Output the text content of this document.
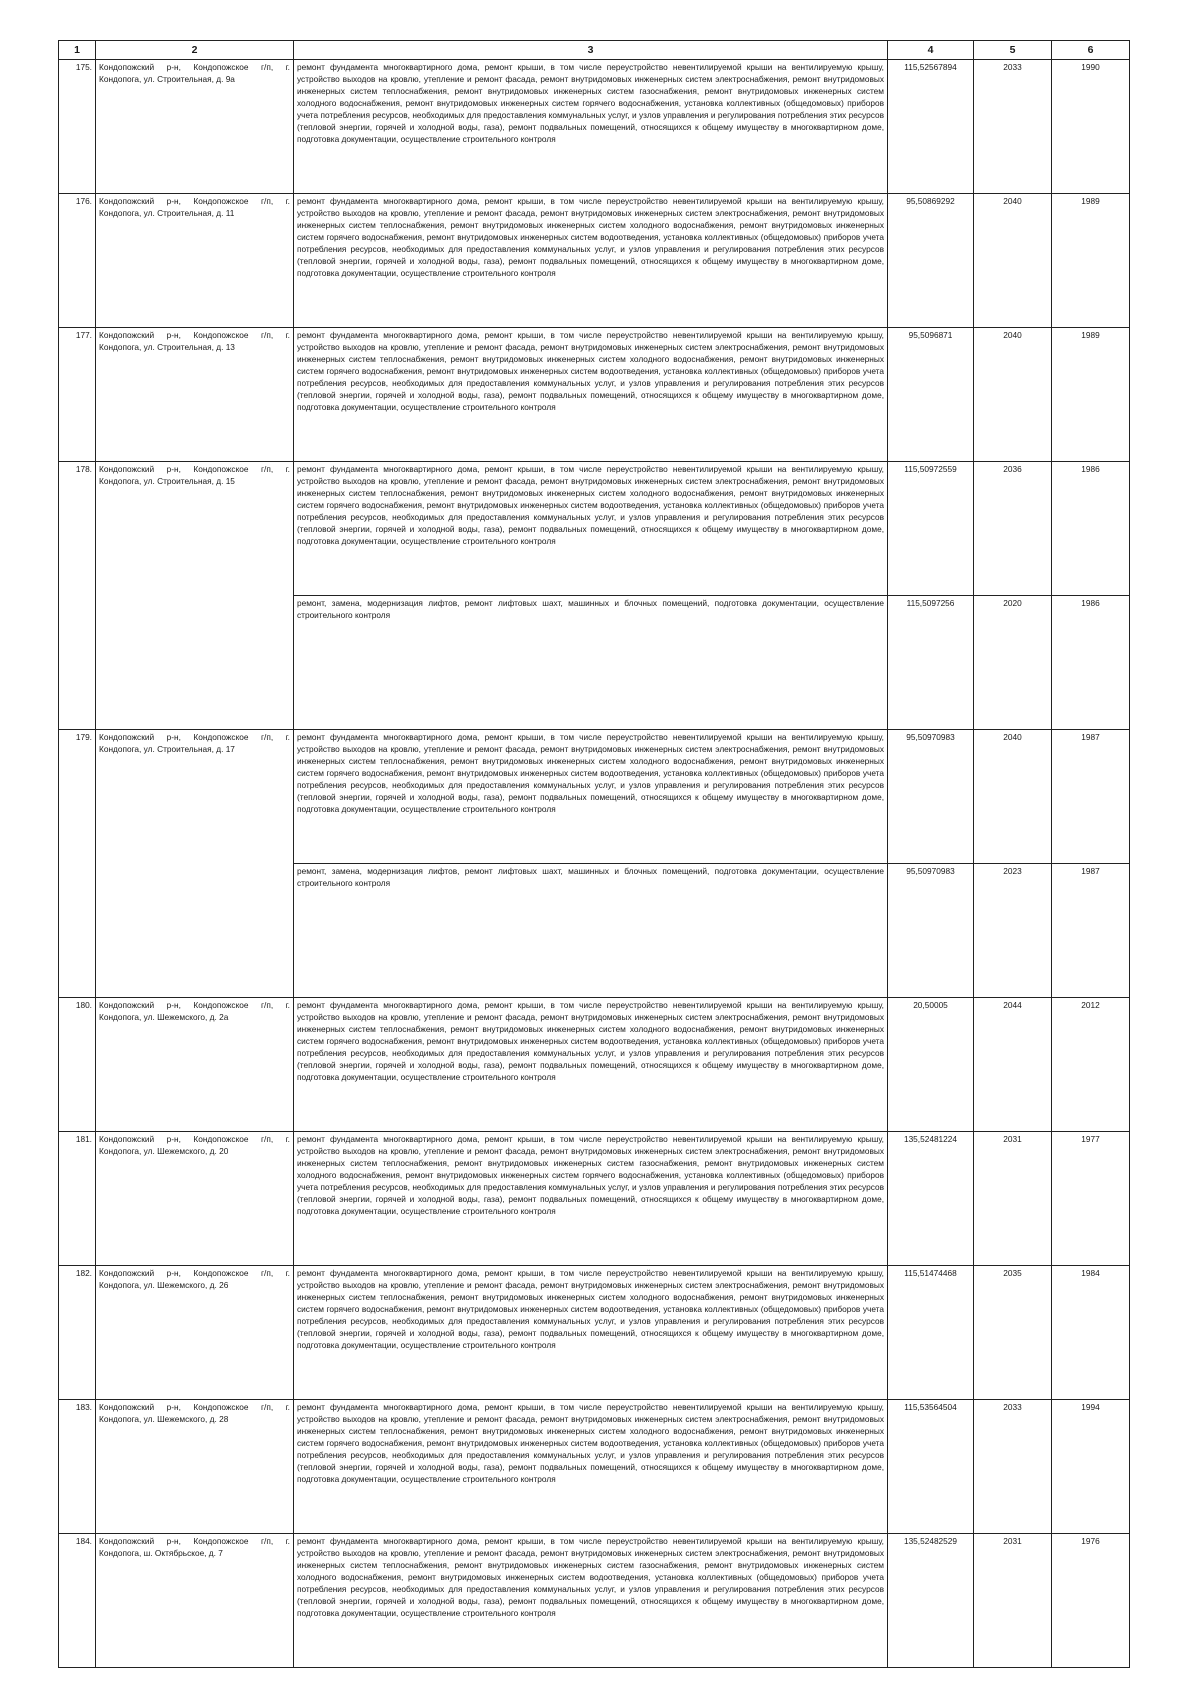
1	2	3	4	5	6
175.	Кондопожский р-н, Кондопожское г/п, г. Кондопога, ул. Строительная, д. 9а	ремонт фундамента многоквартирного дома, ремонт крыши, в том числе переустройство невентилируемой крыши на вентилируемую крышу, устройство выходов на кровлю, утепление и ремонт фасада, ремонт внутридомовых инженерных систем электроснабжения, ремонт внутридомовых инженерных систем теплоснабжения, ремонт внутридомовых инженерных систем газоснабжения, ремонт внутридомовых инженерных систем холодного водоснабжения, ремонт внутридомовых инженерных систем горячего водоснабжения, установка коллективных (общедомовых) приборов учета потребления ресурсов, необходимых для предоставления коммунальных услуг, и узлов управления и регулирования потребления этих ресурсов (тепловой энергии, горячей и холодной воды, газа), ремонт подвальных помещений, относящихся к общему имуществу в многоквартирном доме, подготовка документации, осуществление строительного контроля	115,52567894	2033	1990
176.	Кондопожский р-н, Кондопожское г/п, г. Кондопога, ул. Строительная, д. 11	ремонт фундамента многоквартирного дома, ремонт крыши, в том числе переустройство невентилируемой крыши на вентилируемую крышу, устройство выходов на кровлю, утепление и ремонт фасада, ремонт внутридомовых инженерных систем электроснабжения, ремонт внутридомовых инженерных систем теплоснабжения, ремонт внутридомовых инженерных систем холодного водоснабжения, ремонт внутридомовых инженерных систем горячего водоснабжения, ремонт внутридомовых инженерных систем водоотведения, установка коллективных (общедомовых) приборов учета потребления ресурсов, необходимых для предоставления коммунальных услуг, и узлов управления и регулирования потребления этих ресурсов (тепловой энергии, горячей и холодной воды, газа), ремонт подвальных помещений, относящихся к общему имуществу в многоквартирном доме, подготовка документации, осуществление строительного контроля	95,50869292	2040	1989
177.	Кондопожский р-н, Кондопожское г/п, г. Кондопога, ул. Строительная, д. 13	ремонт фундамента многоквартирного дома, ремонт крыши, в том числе переустройство невентилируемой крыши на вентилируемую крышу, устройство выходов на кровлю, утепление и ремонт фасада, ремонт внутридомовых инженерных систем электроснабжения, ремонт внутридомовых инженерных систем теплоснабжения, ремонт внутридомовых инженерных систем холодного водоснабжения, ремонт внутридомовых инженерных систем горячего водоснабжения, ремонт внутридомовых инженерных систем водоотведения, установка коллективных (общедомовых) приборов учета потребления ресурсов, необходимых для предоставления коммунальных услуг, и узлов управления и регулирования потребления этих ресурсов (тепловой энергии, горячей и холодной воды, газа), ремонт подвальных помещений, относящихся к общему имуществу в многоквартирном доме, подготовка документации, осуществление строительного контроля	95,5096871	2040	1989
178.	Кондопожский р-н, Кондопожское г/п, г. Кондопога, ул. Строительная, д. 15	ремонт фундамента многоквартирного дома, ремонт крыши, в том числе переустройство невентилируемой крыши на вентилируемую крышу, устройство выходов на кровлю, утепление и ремонт фасада, ремонт внутридомовых инженерных систем электроснабжения, ремонт внутридомовых инженерных систем теплоснабжения, ремонт внутридомовых инженерных систем холодного водоснабжения, ремонт внутридомовых инженерных систем горячего водоснабжения, ремонт внутридомовых инженерных систем водоотведения, установка коллективных (общедомовых) приборов учета потребления ресурсов, необходимых для предоставления коммунальных услуг, и узлов управления и регулирования потребления этих ресурсов (тепловой энергии, горячей и холодной воды, газа), ремонт подвальных помещений, относящихся к общему имуществу в многоквартирном доме, подготовка документации, осуществление строительного контроля	115,50972559	2036	1986
		ремонт, замена, модернизация лифтов, ремонт лифтовых шахт, машинных и блочных помещений, подготовка документации, осуществление строительного контроля	115,5097256	2020	1986
179.	Кондопожский р-н, Кондопожское г/п, г. Кондопога, ул. Строительная, д. 17	ремонт фундамента многоквартирного дома, ремонт крыши, в том числе переустройство невентилируемой крыши на вентилируемую крышу, устройство выходов на кровлю, утепление и ремонт фасада, ремонт внутридомовых инженерных систем электроснабжения, ремонт внутридомовых инженерных систем теплоснабжения, ремонт внутридомовых инженерных систем холодного водоснабжения, ремонт внутридомовых инженерных систем горячего водоснабжения, ремонт внутридомовых инженерных систем водоотведения, установка коллективных (общедомовых) приборов учета потребления ресурсов, необходимых для предоставления коммунальных услуг, и узлов управления и регулирования потребления этих ресурсов (тепловой энергии, горячей и холодной воды, газа), ремонт подвальных помещений, относящихся к общему имуществу в многоквартирном доме, подготовка документации, осуществление строительного контроля	95,50970983	2040	1987
		ремонт, замена, модернизация лифтов, ремонт лифтовых шахт, машинных и блочных помещений, подготовка документации, осуществление строительного контроля	95,50970983	2023	1987
180.	Кондопожский р-н, Кондопожское г/п, г. Кондопога, ул. Шежемского, д. 2а	ремонт фундамента многоквартирного дома, ремонт крыши, в том числе переустройство невентилируемой крыши на вентилируемую крышу, устройство выходов на кровлю, утепление и ремонт фасада, ремонт внутридомовых инженерных систем электроснабжения, ремонт внутридомовых инженерных систем теплоснабжения, ремонт внутридомовых инженерных систем холодного водоснабжения, ремонт внутридомовых инженерных систем горячего водоснабжения, ремонт внутридомовых инженерных систем водоотведения, установка коллективных (общедомовых) приборов учета потребления ресурсов, необходимых для предоставления коммунальных услуг, и узлов управления и регулирования потребления этих ресурсов (тепловой энергии, горячей и холодной воды, газа), ремонт подвальных помещений, относящихся к общему имуществу в многоквартирном доме, подготовка документации, осуществление строительного контроля	20,50005	2044	2012
181.	Кондопожский р-н, Кондопожское г/п, г. Кондопога, ул. Шежемского, д. 20	ремонт фундамента многоквартирного дома, ремонт крыши, в том числе переустройство невентилируемой крыши на вентилируемую крышу, устройство выходов на кровлю, утепление и ремонт фасада, ремонт внутридомовых инженерных систем электроснабжения, ремонт внутридомовых инженерных систем теплоснабжения, ремонт внутридомовых инженерных систем газоснабжения, ремонт внутридомовых инженерных систем холодного водоснабжения, ремонт внутридомовых инженерных систем горячего водоснабжения, установка коллективных (общедомовых) приборов учета потребления ресурсов, необходимых для предоставления коммунальных услуг, и узлов управления и регулирования потребления этих ресурсов (тепловой энергии, горячей и холодной воды, газа), ремонт подвальных помещений, относящихся к общему имуществу в многоквартирном доме, подготовка документации, осуществление строительного контроля	135,52481224	2031	1977
182.	Кондопожский р-н, Кондопожское г/п, г. Кондопога, ул. Шежемского, д. 26	ремонт фундамента многоквартирного дома, ремонт крыши, в том числе переустройство невентилируемой крыши на вентилируемую крышу, устройство выходов на кровлю, утепление и ремонт фасада, ремонт внутридомовых инженерных систем электроснабжения, ремонт внутридомовых инженерных систем теплоснабжения, ремонт внутридомовых инженерных систем холодного водоснабжения, ремонт внутридомовых инженерных систем горячего водоснабжения, ремонт внутридомовых инженерных систем водоотведения, установка коллективных (общедомовых) приборов учета потребления ресурсов, необходимых для предоставления коммунальных услуг, и узлов управления и регулирования потребления этих ресурсов (тепловой энергии, горячей и холодной воды, газа), ремонт подвальных помещений, относящихся к общему имуществу в многоквартирном доме, подготовка документации, осуществление строительного контроля	115,51474468	2035	1984
183.	Кондопожский р-н, Кондопожское г/п, г. Кондопога, ул. Шежемского, д. 28	ремонт фундамента многоквартирного дома, ремонт крыши, в том числе переустройство невентилируемой крыши на вентилируемую крышу, устройство выходов на кровлю, утепление и ремонт фасада, ремонт внутридомовых инженерных систем электроснабжения, ремонт внутридомовых инженерных систем теплоснабжения, ремонт внутридомовых инженерных систем холодного водоснабжения, ремонт внутридомовых инженерных систем горячего водоснабжения, ремонт внутридомовых инженерных систем водоотведения, установка коллективных (общедомовых) приборов учета потребления ресурсов, необходимых для предоставления коммунальных услуг, и узлов управления и регулирования потребления этих ресурсов (тепловой энергии, горячей и холодной воды, газа), ремонт подвальных помещений, относящихся к общему имуществу в многоквартирном доме, подготовка документации, осуществление строительного контроля	115,53564504	2033	1994
184.	Кондопожский р-н, Кондопожское г/п, г. Кондопога, ш. Октябрьское, д. 7	ремонт фундамента многоквартирного дома, ремонт крыши, в том числе переустройство невентилируемой крыши на вентилируемую крышу, устройство выходов на кровлю, утепление и ремонт фасада, ремонт внутридомовых инженерных систем электроснабжения, ремонт внутридомовых инженерных систем теплоснабжения, ремонт внутридомовых инженерных систем газоснабжения, ремонт внутридомовых инженерных систем холодного водоснабжения, ремонт внутридомовых инженерных систем водоотведения, установка коллективных (общедомовых) приборов учета потребления ресурсов, необходимых для предоставления коммунальных услуг, и узлов управления и регулирования потребления этих ресурсов (тепловой энергии, горячей и холодной воды, газа), ремонт подвальных помещений, относящихся к общему имуществу в многоквартирном доме, подготовка документации, осуществление строительного контроля	135,52482529	2031	1976
